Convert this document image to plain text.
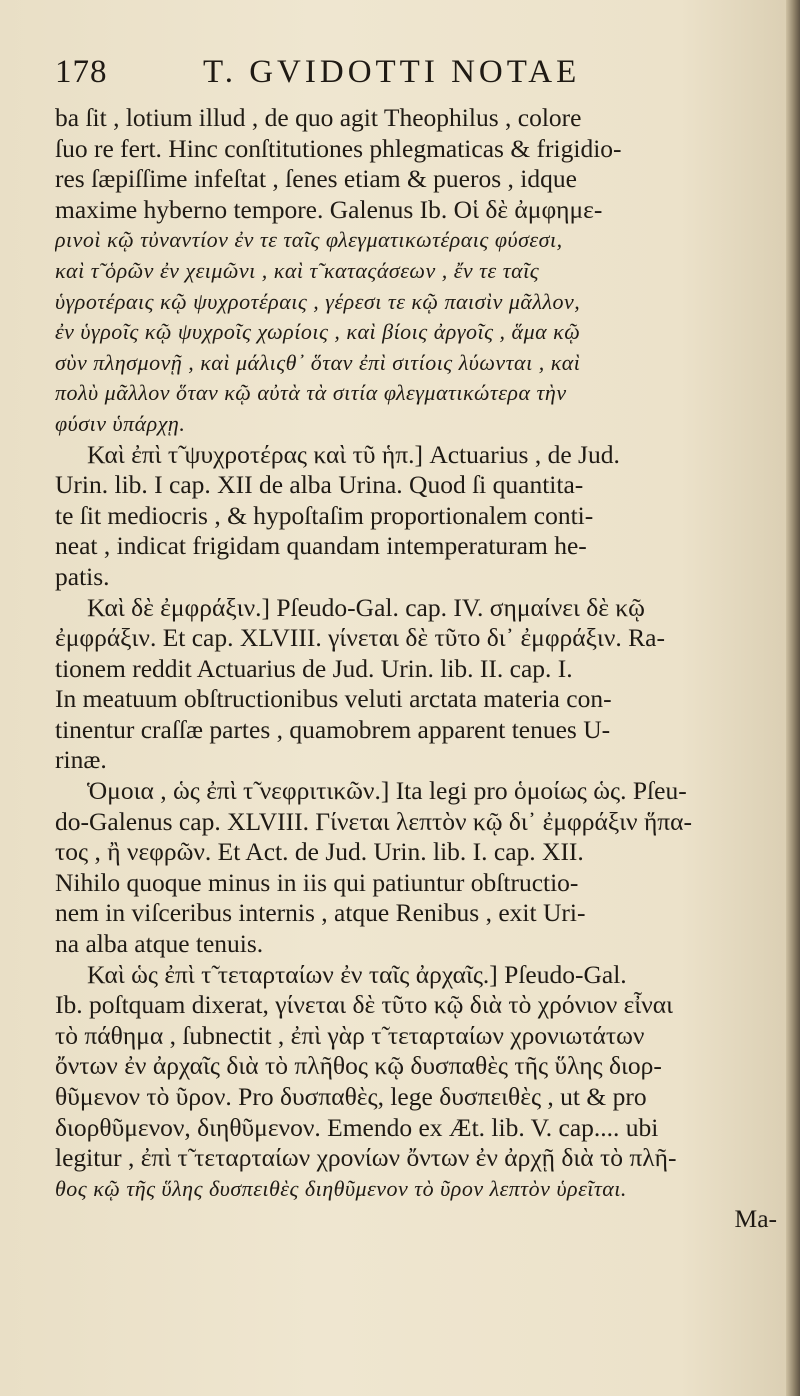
178	T. GVIDOTTI NOTAE
ba ſit , lotium illud , de quo agit Theophilus , colore
ſuo re fert. Hinc conſtitutiones phlegmaticas & frigidio-
res ſæpiſſime infeſtat , ſenes etiam & pueros , idque
maxime hyberno tempore. Galenus Ib. Οἱ δὲ ἀμφημε-
ρινοὶ κῷ τὐναντίον ἐν τε ταῖς φλεγματικωτέραις φύσεσι,
καὶ τ̃ ὁρῶν ἐν χειμῶνι , καὶ τ̃ καταςάσεων , ἔν τε ταῖς
ὑγροτέραις κῷ ψυχροτέραις , γέρεσι τε κῷ παισὶν μᾶλλον,
ἐν ὑγροῖς κῷ ψυχροῖς χωρίοις , καὶ βίοις ἀργοῖς , ἅμα κῷ
σὺν πλησμονῇ , καὶ μάλιςθ᾽ ὅταν ἐπὶ σιτίοις λύωνται , καὶ
πολὺ μᾶλλον ὅταν κῷ αὐτὰ τὰ σιτία φλεγματικώτερα τὴν
φύσιν ὑπάρχῃ.
Καὶ ἐπὶ τ̃ ψυχροτέρας καὶ τῦ ἡπ.] Actuarius , de Jud.
Urin. lib. I cap. XII de alba Urina. Quod ſi quantita-
te ſit mediocris , & hypoſtaſim proportionalem conti-
neat , indicat frigidam quandam intemperaturam he-
patis.
Καὶ δὲ ἐμφράξιν.] Pſeudo-Gal. cap. IV. σημαίνει δὲ κῷ
ἐμφράξιν. Et cap. XLVIII. γίνεται δὲ τῦτο δι᾽ ἐμφράξιν. Ra-
tionem reddit Actuarius de Jud. Urin. lib. II. cap. I.
In meatuum obſtructionibus veluti arctata materia con-
tinentur craſſæ partes , quamobrem apparent tenues U-
rinæ.
Ὁμοια , ὡς ἐπὶ τ̃ νεφριτικῶν.] Ita legi pro ὁμοίως ὡς. Pſeu-
do-Galenus cap. XLVIII. Γίνεται λεπτὸν κῷ δι᾽ ἐμφράξιν ἥπα-
τος , ἢ νεφρῶν. Et Act. de Jud. Urin. lib. I. cap. XII.
Nihilo quoque minus in iis qui patiuntur obſtructio-
nem in viſceribus internis , atque Renibus , exit Uri-
na alba atque tenuis.
Καὶ ὡς ἐπὶ τ̃ τεταρταίων ἐν ταῖς ἀρχαῖς.] Pſeudo-Gal.
Ib. poſtquam dixerat, γίνεται δὲ τῦτο κῷ διὰ τὸ χρόνιον εἶναι
τὸ πάθημα , ſubnectit , ἐπὶ γὰρ τ̃ τεταρταίων χρονιωτάτων
ὄντων ἐν ἀρχαῖς διὰ τὸ πλῆθος κῷ δυσπαθὲς τῆς ὕλης διορ-
θῦμενον τὸ ῦρον. Pro δυσπαθὲς, lege δυσπειθὲς , ut & pro
διορθῦμενον, διηθῦμενον. Emendo ex Æt. lib. V. cap.... ubi
legitur , ἐπὶ τ̃ τεταρταίων χρονίων ὄντων ἐν ἀρχῇ διὰ τὸ πλῆ-
θος κῷ τῆς ὕλης δυσπειθὲς διηθῦμενον τὸ ῦρον λεπτὸν ὑρεῖται.
Ma-
